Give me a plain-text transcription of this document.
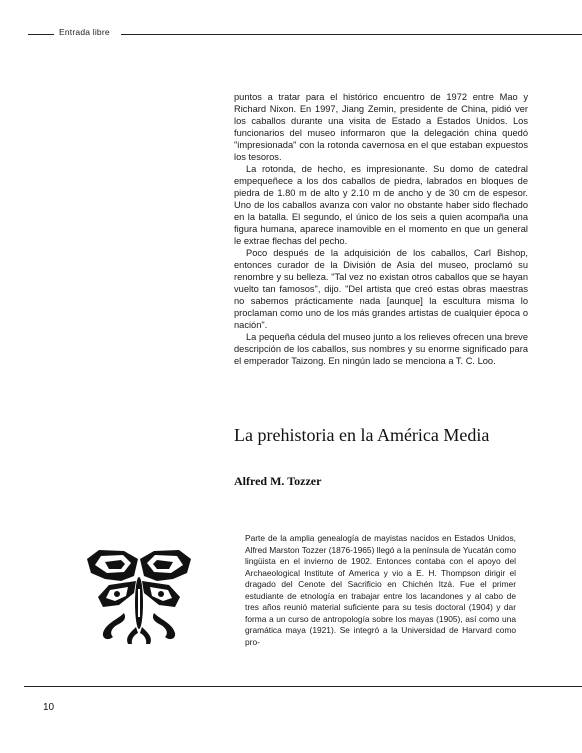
Entrada libre

puntos a tratar para el histórico encuentro de 1972 entre Mao y Richard Nixon. En 1997, Jiang Zemin, presidente de China, pidió ver los caballos durante una visita de Estado a Estados Unidos. Los funcionarios del museo informaron que la delegación china quedó "impresionada" con la rotonda cavernosa en el que estaban expuestos los tesoros.

La rotonda, de hecho, es impresionante. Su domo de catedral empequeñece a los dos caballos de piedra, labrados en bloques de piedra de 1.80 m de alto y 2.10 m de ancho y de 30 cm de espesor. Uno de los caballos avanza con valor no obstante haber sido flechado en la batalla. El segundo, el único de los seis a quien acompaña una figura humana, aparece inamovible en el momento en que un general le extrae flechas del pecho.

Poco después de la adquisición de los caballos, Carl Bishop, entonces curador de la División de Asia del museo, proclamó su renombre y su belleza. "Tal vez no existan otros caballos que se hayan vuelto tan famosos", dijo. "Del artista que creó estas obras maestras no sabemos prácticamente nada [aunque] la escultura misma lo proclaman como uno de los más grandes artistas de cualquier época o nación".

La pequeña cédula del museo junto a los relieves ofrecen una breve descripción de los caballos, sus nombres y su enorme significado para el emperador Taizong. En ningún lado se menciona a T. C. Loo.

La prehistoria en la América Media
Alfred M. Tozzer

Parte de la amplia genealogía de mayistas nacidos en Estados Unidos, Alfred Marston Tozzer (1876-1965) llegó a la península de Yucatán como lingüista en el invierno de 1902. Entonces contaba con el apoyo del Archaeological Institute of America y vio a E. H. Thompson dirigir el dragado del Cenote del Sacrificio en Chichén Itzá. Fue el primer estudiante de etnología en trabajar entre los lacandones y al cabo de tres años reunió material suficiente para su tesis doctoral (1904) y dar forma a un curso de antropología sobre los mayas (1905), así como una gramática maya (1921). Se integró a la Universidad de Harvard como pro-

10
